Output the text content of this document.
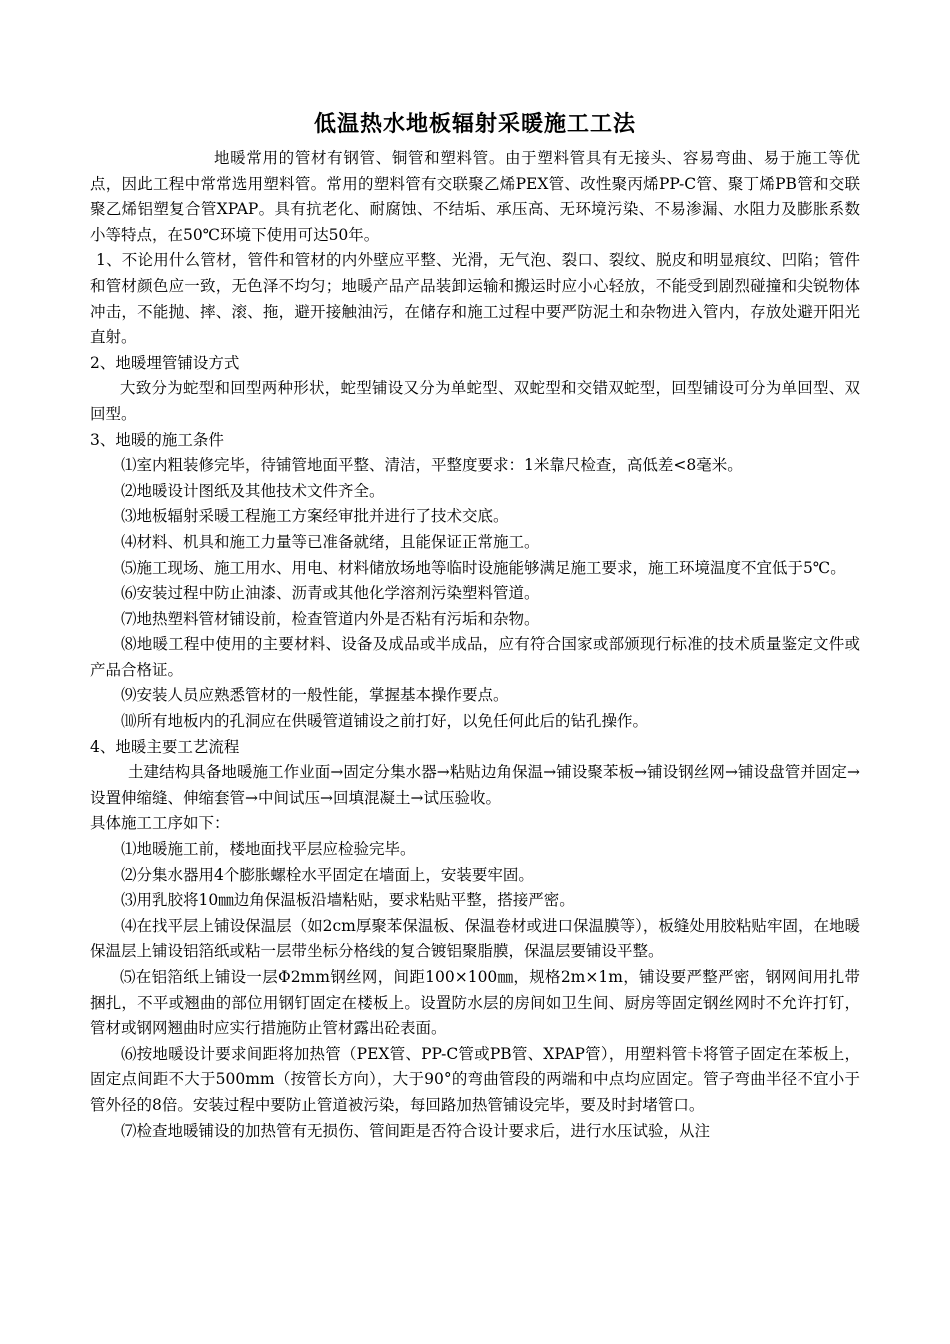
低温热水地板辐射采暖施工工法

地暖常用的管材有钢管、铜管和塑料管。由于塑料管具有无接头、容易弯曲、易于施工等优点，因此工程中常常选用塑料管。常用的塑料管有交联聚乙烯PEX管、改性聚丙烯PP-C管、聚丁烯PB管和交联聚乙烯铝塑复合管XPAP。具有抗老化、耐腐蚀、不结垢、承压高、无环境污染、不易渗漏、水阻力及膨胀系数小等特点，在50℃环境下使用可达50年。

1、不论用什么管材，管件和管材的内外壁应平整、光滑，无气泡、裂口、裂纹、脱皮和明显痕纹、凹陷；管件和管材颜色应一致，无色泽不均匀；地暖产品产品装卸运输和搬运时应小心轻放，不能受到剧烈碰撞和尖锐物体冲击，不能抛、摔、滚、拖，避开接触油污，在储存和施工过程中要严防泥土和杂物进入管内，存放处避开阳光直射。

2、地暖埋管铺设方式

大致分为蛇型和回型两种形状，蛇型铺设又分为单蛇型、双蛇型和交错双蛇型，回型铺设可分为单回型、双回型。

3、地暖的施工条件

⑴室内粗装修完毕，待铺管地面平整、清洁，平整度要求：1米靠尺检查，高低差<8毫米。

⑵地暖设计图纸及其他技术文件齐全。

⑶地板辐射采暖工程施工方案经审批并进行了技术交底。

⑷材料、机具和施工力量等已准备就绪，且能保证正常施工。

⑸施工现场、施工用水、用电、材料储放场地等临时设施能够满足施工要求，施工环境温度不宜低于5℃。

⑹安装过程中防止油漆、沥青或其他化学溶剂污染塑料管道。

⑺地热塑料管材铺设前，检查管道内外是否粘有污垢和杂物。

⑻地暖工程中使用的主要材料、设备及成品或半成品，应有符合国家或部颁现行标准的技术质量鉴定文件或产品合格证。

⑼安装人员应熟悉管材的一般性能，掌握基本操作要点。

⑽所有地板内的孔洞应在供暖管道铺设之前打好，以免任何此后的钻孔操作。

4、地暖主要工艺流程

土建结构具备地暖施工作业面→固定分集水器→粘贴边角保温→铺设聚苯板→铺设钢丝网→铺设盘管并固定→设置伸缩缝、伸缩套管→中间试压→回填混凝土→试压验收。

具体施工工序如下：

⑴地暖施工前，楼地面找平层应检验完毕。

⑵分集水器用4个膨胀螺栓水平固定在墙面上，安装要牢固。

⑶用乳胶将10㎜边角保温板沿墙粘贴，要求粘贴平整，搭接严密。

⑷在找平层上铺设保温层（如2cm厚聚苯保温板、保温卷材或进口保温膜等），板缝处用胶粘贴牢固，在地暖保温层上铺设铝箔纸或粘一层带坐标分格线的复合镀铝聚脂膜，保温层要铺设平整。

⑸在铝箔纸上铺设一层Φ2mm钢丝网，间距100×100㎜，规格2m×1m，铺设要严整严密，钢网间用扎带捆扎，不平或翘曲的部位用钢钉固定在楼板上。设置防水层的房间如卫生间、厨房等固定钢丝网时不允许打钉，管材或钢网翘曲时应实行措施防止管材露出砼表面。

⑹按地暖设计要求间距将加热管（PEX管、PP-C管或PB管、XPAP管），用塑料管卡将管子固定在苯板上，固定点间距不大于500mm（按管长方向），大于90°的弯曲管段的两端和中点均应固定。管子弯曲半径不宜小于管外径的8倍。安装过程中要防止管道被污染，每回路加热管铺设完毕，要及时封堵管口。

⑺检查地暖铺设的加热管有无损伤、管间距是否符合设计要求后，进行水压试验，从注
